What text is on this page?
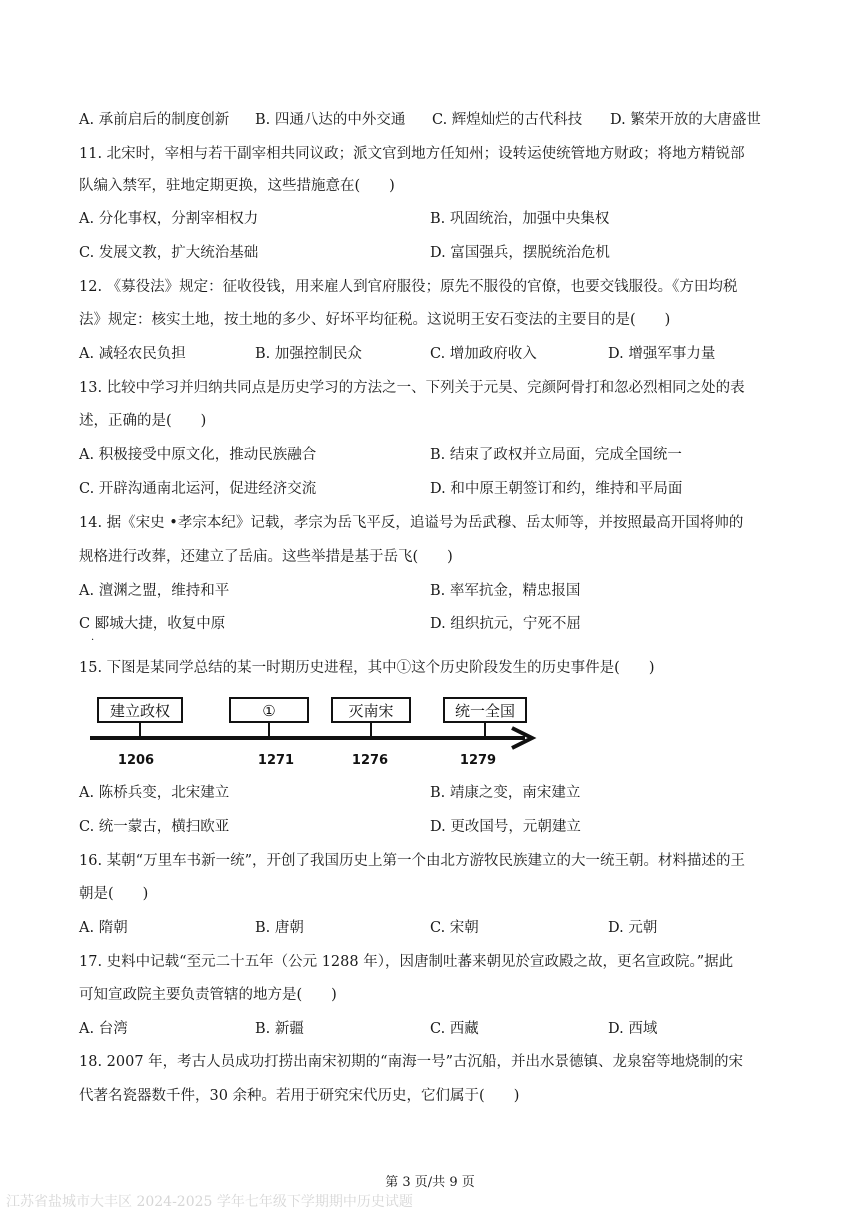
A. 承前启后的制度创新 B. 四通八达的中外交通 C. 辉煌灿烂的古代科技 D. 繁荣开放的大唐盛世
11. 北宋时，宰相与若干副宰相共同议政；派文官到地方任知州；设转运使统管地方财政；将地方精锐部
队编入禁军，驻地定期更换，这些措施意在(　　)
A. 分化事权，分割宰相权力	B. 巩固统治，加强中央集权
C. 发展文教，扩大统治基础	D. 富国强兵，摆脱统治危机
12. 《募役法》规定：征收役钱，用来雇人到官府服役；原先不服役的官僚，也要交钱服役。《方田均税
法》规定：核实土地，按土地的多少、好坏平均征税。这说明王安石变法的主要目的是(　　)
A. 减轻农民负担	B. 加强控制民众	C. 增加政府收入	D. 增强军事力量
13. 比较中学习并归纳共同点是历史学习的方法之一、下列关于元昊、完颜阿骨打和忽必烈相同之处的表
述，正确的是(　　)
A. 积极接受中原文化，推动民族融合	B. 结束了政权并立局面，完成全国统一
C. 开辟沟通南北运河，促进经济交流	D. 和中原王朝签订和约，维持和平局面
14. 据《宋史 •孝宗本纪》记载，孝宗为岳飞平反，追谥号为岳武穆、岳太师等，并按照最高开国将帅的
规格进行改葬，还建立了岳庙。这些举措是基于岳飞(　　)
A. 澶渊之盟，维持和平	B. 率军抗金，精忠报国
C 郾城大捷，收复中原	D. 组织抗元，宁死不屈
·
15. 下图是某同学总结的某一时期历史进程，其中①这个历史阶段发生的历史事件是(　　)
建立政权	①	灭南宋	统一全国
1206	1271	1276	1279
A. 陈桥兵变，北宋建立	B. 靖康之变，南宋建立
C. 统一蒙古，横扫欧亚	D. 更改国号，元朝建立
16. 某朝“万里车书新一统”，开创了我国历史上第一个由北方游牧民族建立的大一统王朝。材料描述的王
朝是(　　)
A. 隋朝	B. 唐朝	C. 宋朝	D. 元朝
17. 史料中记载“至元二十五年（公元 1288 年），因唐制吐蕃来朝见於宣政殿之故，更名宣政院。”据此
可知宣政院主要负责管辖的地方是(　　)
A. 台湾	B. 新疆	C. 西藏	D. 西域
18. 2007 年，考古人员成功打捞出南宋初期的“南海一号”古沉船，并出水景德镇、龙泉窑等地烧制的宋
代著名瓷器数千件，30 余种。若用于研究宋代历史，它们属于(　　)
第 3 页/共 9 页
江苏省盐城市大丰区 2024-2025 学年七年级下学期期中历史试题
